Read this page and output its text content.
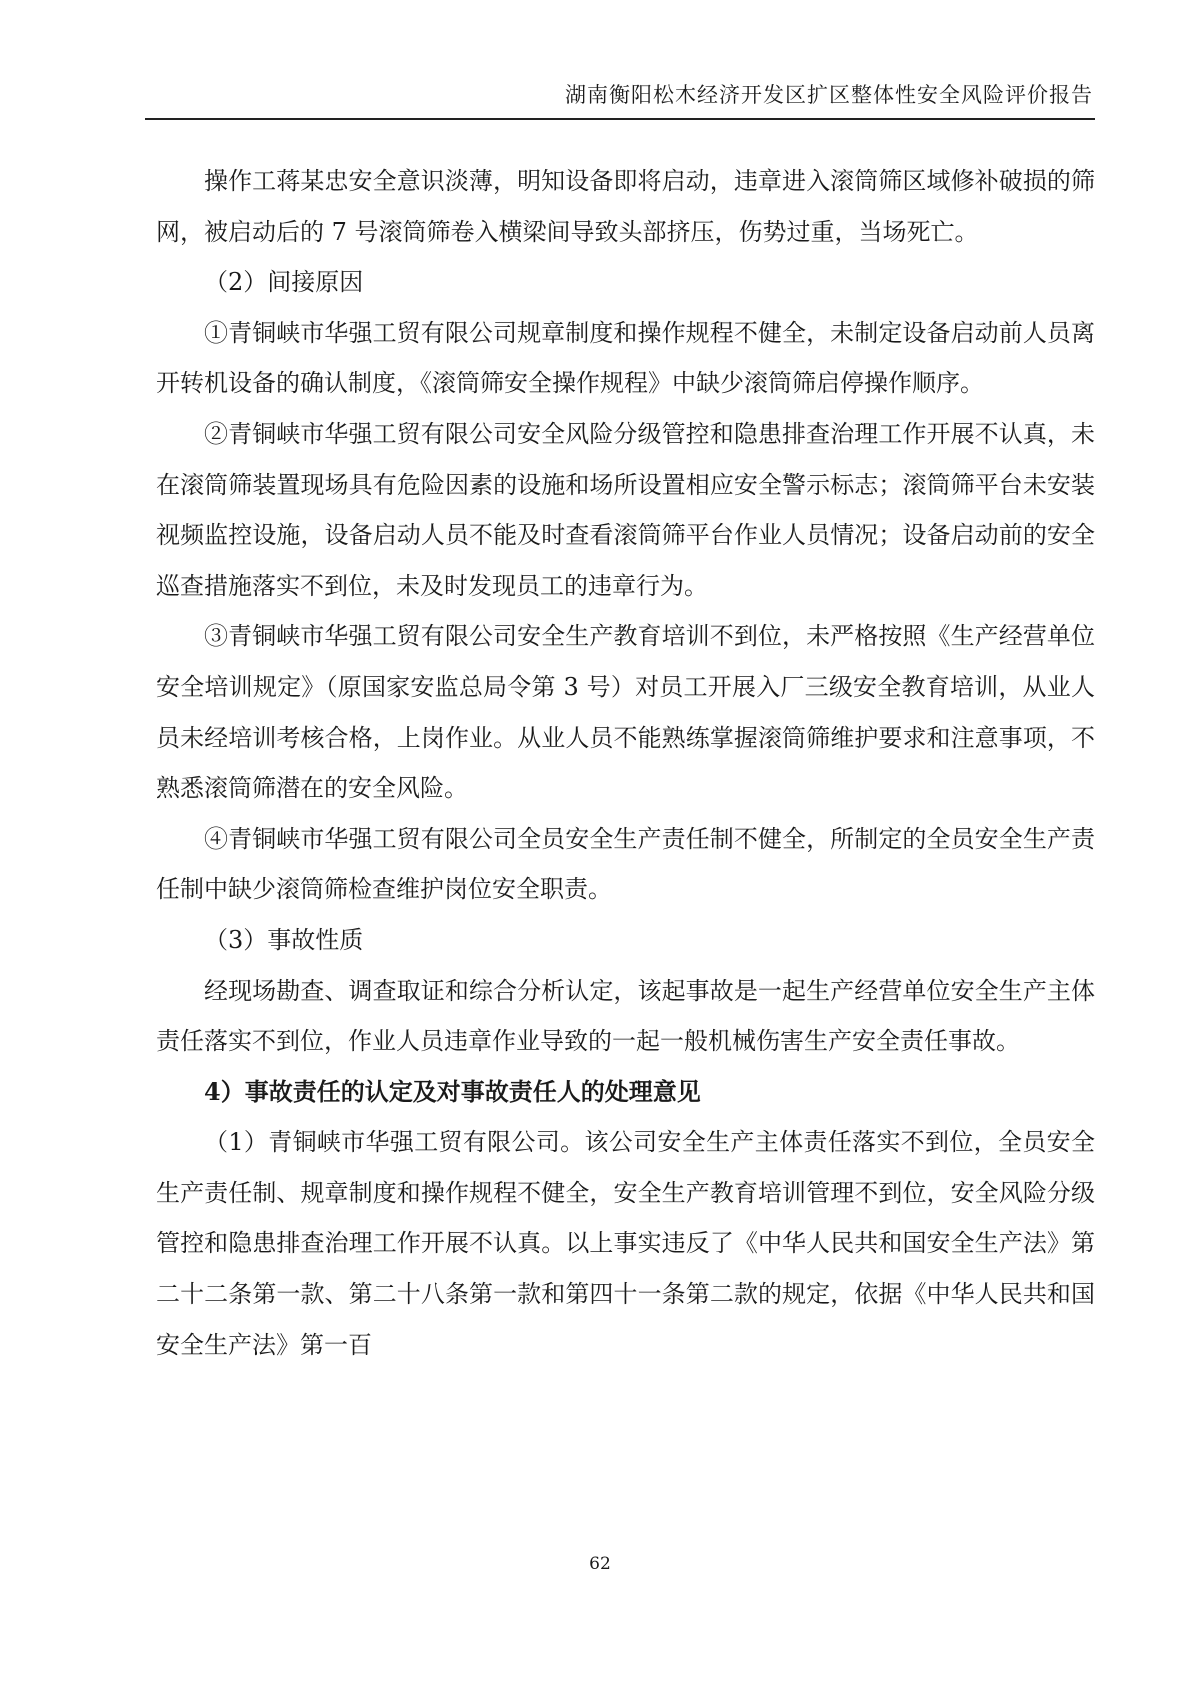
湖南衡阳松木经济开发区扩区整体性安全风险评价报告

操作工蒋某忠安全意识淡薄，明知设备即将启动，违章进入滚筒筛区域修补破损的筛网，被启动后的 7 号滚筒筛卷入横梁间导致头部挤压，伤势过重，当场死亡。

（2）间接原因

①青铜峡市华强工贸有限公司规章制度和操作规程不健全，未制定设备启动前人员离开转机设备的确认制度，《滚筒筛安全操作规程》中缺少滚筒筛启停操作顺序。

②青铜峡市华强工贸有限公司安全风险分级管控和隐患排查治理工作开展不认真，未在滚筒筛装置现场具有危险因素的设施和场所设置相应安全警示标志；滚筒筛平台未安装视频监控设施，设备启动人员不能及时查看滚筒筛平台作业人员情况；设备启动前的安全巡查措施落实不到位，未及时发现员工的违章行为。

③青铜峡市华强工贸有限公司安全生产教育培训不到位，未严格按照《生产经营单位安全培训规定》（原国家安监总局令第 3 号）对员工开展入厂三级安全教育培训，从业人员未经培训考核合格，上岗作业。从业人员不能熟练掌握滚筒筛维护要求和注意事项，不熟悉滚筒筛潜在的安全风险。

④青铜峡市华强工贸有限公司全员安全生产责任制不健全，所制定的全员安全生产责任制中缺少滚筒筛检查维护岗位安全职责。

（3）事故性质

经现场勘查、调查取证和综合分析认定，该起事故是一起生产经营单位安全生产主体责任落实不到位，作业人员违章作业导致的一起一般机械伤害生产安全责任事故。

4）事故责任的认定及对事故责任人的处理意见

（1）青铜峡市华强工贸有限公司。该公司安全生产主体责任落实不到位，全员安全生产责任制、规章制度和操作规程不健全，安全生产教育培训管理不到位，安全风险分级管控和隐患排查治理工作开展不认真。以上事实违反了《中华人民共和国安全生产法》第二十二条第一款、第二十八条第一款和第四十一条第二款的规定，依据《中华人民共和国安全生产法》第一百

62
